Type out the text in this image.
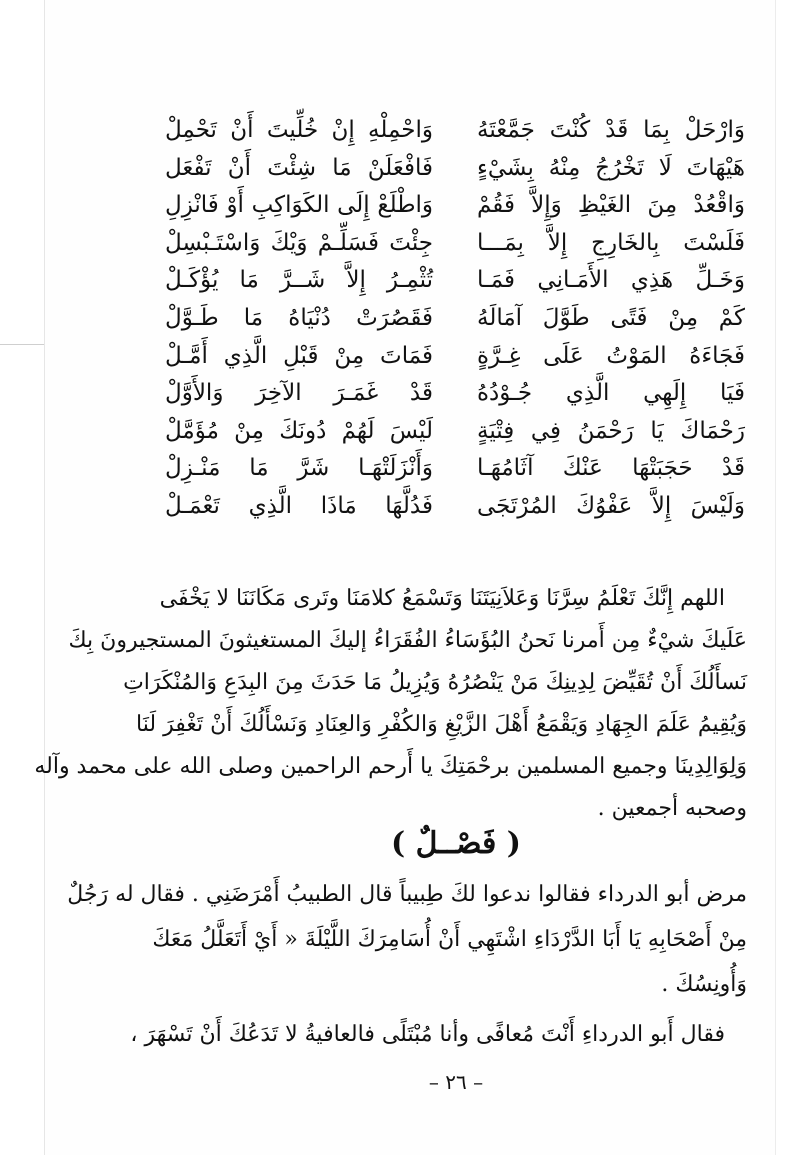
وَارْحَلْ بِمَا قَدْ كُنْتَ جَمَّعْتَهُ
وَاحْمِلْهِ إِنْ خُلِّيتَ أَنْ تَحْمِلْ
هَيْهَاتَ لَا تَخْرُجُ مِنْهُ بِشَيْءٍ
فَافْعَلَنْ مَا شِئْتَ أَنْ تَفْعَل
وَاقْعُدْ مِنَ الغَيْظِ وَإِلاَّ فَقُمْ
وَاطْلَعْ إِلَى الكَوَاكِبِ أَوْ فَانْزِلِ
فَلَسْتَ بِالخَارِجِ إِلاَّ بِمَـــا
جِئْتَ فَسَلِّـمْ وَيْكَ وَاسْتَـبْسِلْ
وَخَـلِّ هَذِي الأَمَـانِي فَمَـا
تُثْمِـرُ إِلاَّ شَــرَّ مَا يُؤْكَـلْ
كَمْ مِنْ فَتًى طَوَّلَ آمَالَهُ
فَقَصُرَتْ دُنْيَاهُ مَا طَـوَّلْ
فَجَاءَهُ المَوْتُ عَلَى غِـرَّةٍ
فَمَاتَ مِنْ قَبْلِ الَّذِي أَمَّـلْ
فَيَا إِلَهِي الَّذِي جُـوْدُهُ
قَدْ غَمَـرَ الآخِرَ وَالأَوَّلْ
رَحْمَاكَ يَا رَحْمَنُ فِي فِتْيَةٍ
لَيْسَ لَهُمْ دُونَكَ مِنْ مُؤَمَّلْ
قَدْ حَجَبَتْهَا عَنْكَ آثَامُهَـا
وَأَنْزَلَتْهَـا شَرَّ مَا مَنْـزِلْ
وَلَيْسَ إِلاَّ عَفْوُكَ المُرْتَجَى
فَدُلَّهَا مَاذَا الَّذِي تَعْمَـلْ
اللهم إِنَّكَ تَعْلَمُ سِرَّنَا وَعَلاَنِيَتَنَا وَتَسْمَعُ كلامَنَا وتَرى مَكَانَنَا لا يَخْفَى
عَلَيكَ شيْءٌ مِن أَمرنا نَحنُ البُؤَسَاءُ الفُقَرَاءُ إليكَ المستغيثونَ المستجيرونَ بِكَ
نَسأَلُكَ أَنْ تُقَيِّضَ لِدِينِكَ مَنْ يَنْصُرُهُ وَيُزِيلُ مَا حَدَثَ مِنَ البِدَعِ وَالمُنْكَرَاتِ
وَيُقِيمُ عَلَمَ الجِهَادِ وَيَقْمَعُ أَهْلَ الزَّيْغِ وَالكُفْرِ وَالعِنَادِ وَنَسْأَلُكَ أَنْ تَغْفِرَ لَنَا
وَلِوَالِدِينَا وجميع المسلمين برحْمَتِكَ يا أَرحم الراحمين وصلى الله على محمد وآله
وصحبه أجمعين .
( فَصْــلٌ )
مرض أبو الدرداء فقالوا ندعوا لكَ طِبيباً قال الطبيبُ أَمْرَضَنِي . فقال له رَجُلٌ
مِنْ أَصْحَابِهِ يَا أَبَا الدَّرْدَاءِ اشْتَهِي أَنْ أُسَامِرَكَ اللَّيْلَةَ « أَيْ أَتَعَلَّلُ مَعَكَ
وَأُونِسُكَ .
فقال أَبو الدرداءِ أَنْتَ مُعافًى وأنا مُبْتَلًى فالعافيةُ لا تَدَعُكَ أَنْ تَسْهَرَ ،
– ٢٦ –
